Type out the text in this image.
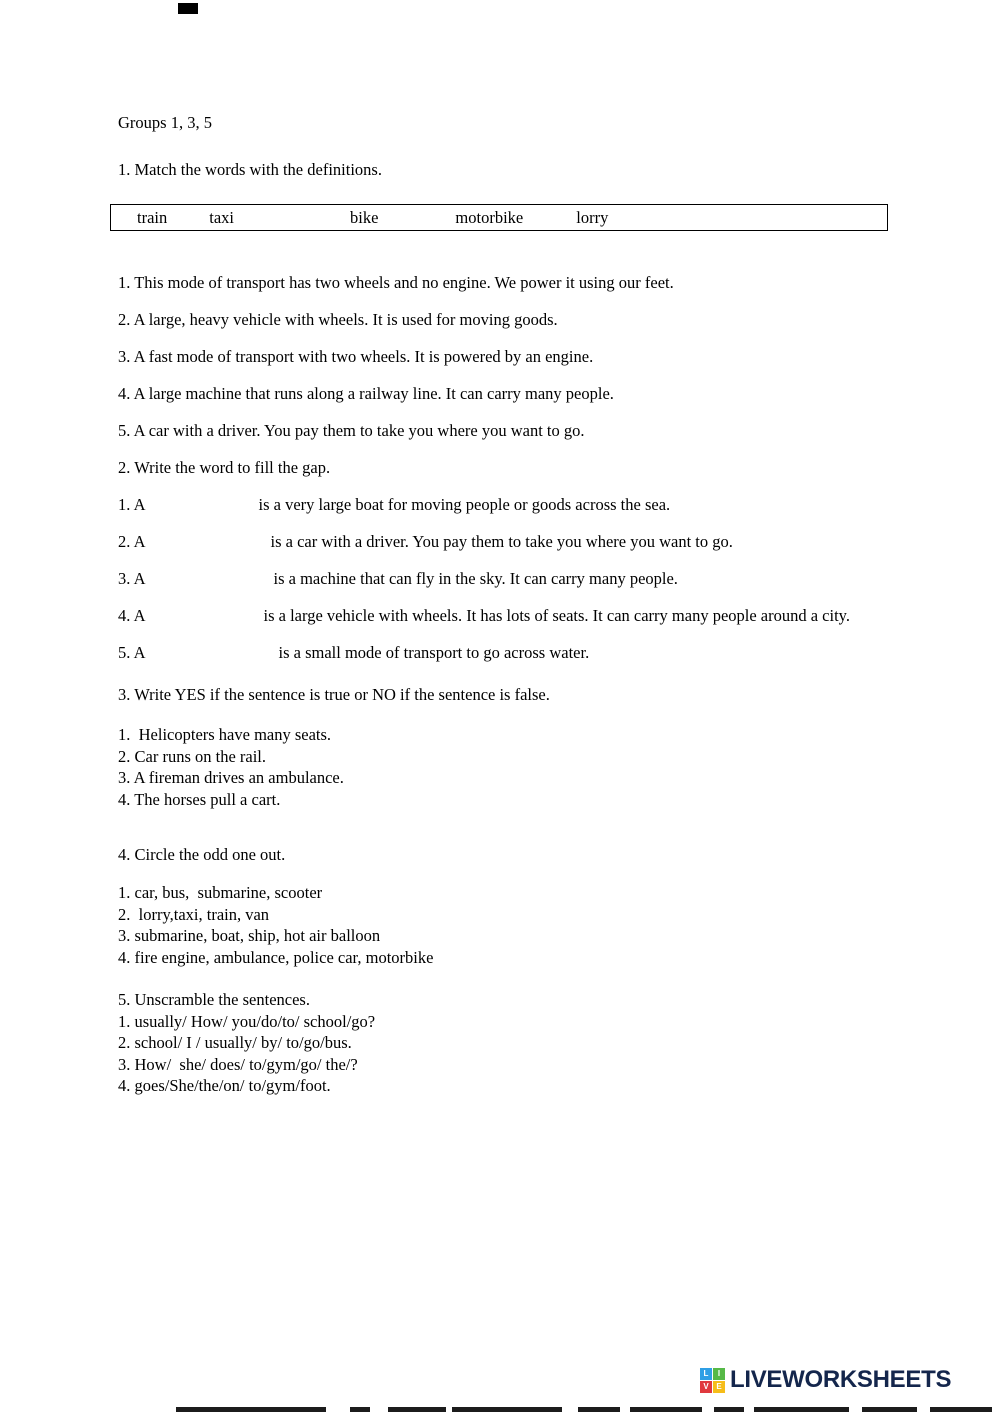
Groups 1, 3, 5

1. Match the words with the definitions.

train	taxi	bike	motorbike	lorry

1. This mode of transport has two wheels and no engine. We power it using our feet.

2. A large, heavy vehicle with wheels. It is used for moving goods.

3. A fast mode of transport with two wheels. It is powered by an engine.

4. A large machine that runs along a railway line. It can carry many people.

5. A car with a driver. You pay them to take you where you want to go.

2. Write the word to fill the gap.

1. A	is a very large boat for moving people or goods across the sea.

2. A	is a car with a driver. You pay them to take you where you want to go.

3. A	is a machine that can fly in the sky. It can carry many people.

4. A	is a large vehicle with wheels. It has lots of seats. It can carry many people around a city.

5. A	is a small mode of transport to go across water.

3. Write YES if the sentence is true or NO if the sentence is false.

1.  Helicopters have many seats.

2. Car runs on the rail.

3. A fireman drives an ambulance.

4. The horses pull a cart.

4. Circle the odd one out.

1. car, bus,  submarine, scooter

2.  lorry,taxi, train, van

3. submarine, boat, ship, hot air balloon

4. fire engine, ambulance, police car, motorbike

5. Unscramble the sentences.

1. usually/ How/ you/do/to/ school/go?

2. school/ I / usually/ by/ to/go/bus.

3. How/  she/ does/ to/gym/go/ the/?

4. goes/She/the/on/ to/gym/foot.

L	I
V E LIVEWORKSHEETS
